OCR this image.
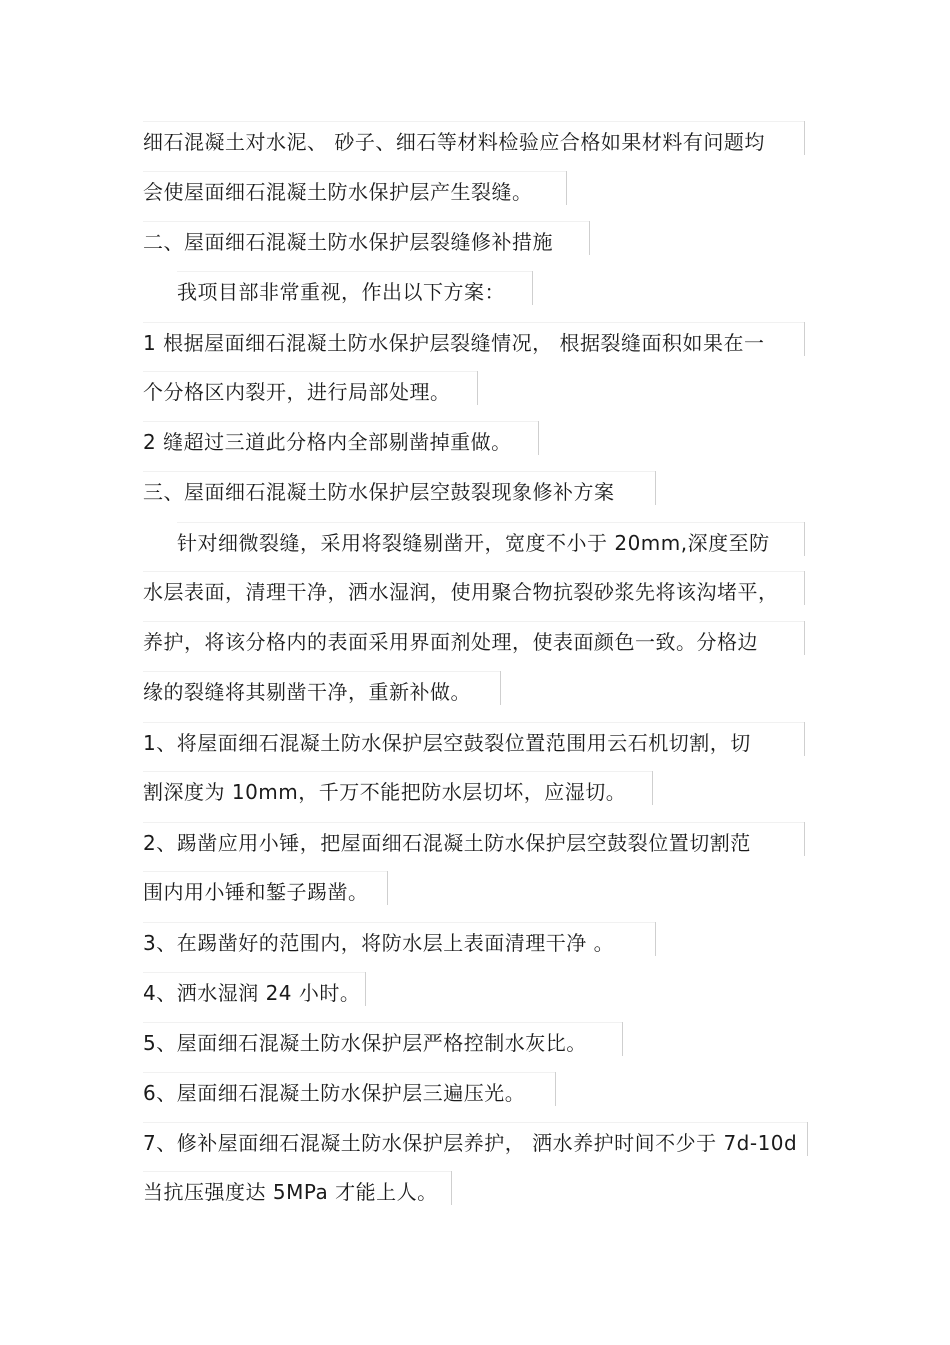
细石混凝土对水泥、 砂子、细石等材料检验应合格如果材料有问题均
会使屋面细石混凝土防水保护层产生裂缝。
二、屋面细石混凝土防水保护层裂缝修补措施
我项目部非常重视，作出以下方案：
1 根据屋面细石混凝土防水保护层裂缝情况， 根据裂缝面积如果在一
个分格区内裂开，进行局部处理。
2 缝超过三道此分格内全部剔凿掉重做。
三、屋面细石混凝土防水保护层空鼓裂现象修补方案
针对细微裂缝，采用将裂缝剔凿开，宽度不小于 20mm,深度至防
水层表面，清理干净，洒水湿润，使用聚合物抗裂砂浆先将该沟堵平，
养护，将该分格内的表面采用界面剂处理，使表面颜色一致。分格边
缘的裂缝将其剔凿干净，重新补做。
1、将屋面细石混凝土防水保护层空鼓裂位置范围用云石机切割，切
割深度为 10mm，千万不能把防水层切坏，应湿切。
2、踢凿应用小锤，把屋面细石混凝土防水保护层空鼓裂位置切割范
围内用小锤和錾子踢凿。
3、在踢凿好的范围内，将防水层上表面清理干净 。
4、洒水湿润 24 小时。
5、屋面细石混凝土防水保护层严格控制水灰比。
6、屋面细石混凝土防水保护层三遍压光。
7、修补屋面细石混凝土防水保护层养护， 洒水养护时间不少于 7d-10d
当抗压强度达 5MPa 才能上人。
